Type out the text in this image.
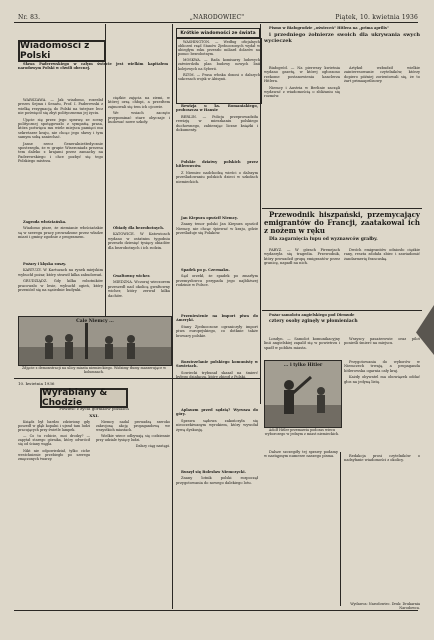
Nr. 83.	„NARODOWIEC"	Piątek, 10. kwietnia 1936
Wiadomości z Polski

Sława Paderewskiego w całym świecie jest wielkim kapitałem narodowym Polski w chwili obecnej.

WARSZAWA. — Jak wiadomo, rozesłał prezes Sejmu i Senatu, Prof. I. Paderewski z wielką rezygnacją do Polski na tutejsze lecz nie poświęcił się zbyt politycznemu jej życiu.

Ujęcie się przez jego sprawę ze sceny politycznej spotęgowało z sympatią prasa, która poświęca mu wiele miejsca pamięci mu sekretarze kraju, nie chcąc jego sławy i tym samym sobą zaniechać.

Jasne rzecz Generalnieśtedycznie spostrzegła, że w grupie Wiseroniadz prezesa tem daleko z krajami przez zamachy na Paderewskiego i chce pozbyć się tego Polskiego mistrza.

Zagroda włościańska.

Wiadomo pisze, że ziemianie włościańskie są w szeregu pracy prowadzone przez władze miast i gminy zgodnie z programem.

Pożary i klęska suszy.

KARTUZY. W Kartuzach na rynek miejskim wybuchł pożar, który strawił kilka zabudowań.

GRUDZIĄDZ. Gdy kilka robotników pracowało w lesie, wybuchł ogień, który przeniósł się na sąsiednie budynki.

ciężkie zajęcia na ziemi, w której orzą chłopi, a przedtem zajmowali się tem ich ojcowie.

We wsiach zaczęto przypominać stare obyczaje i budować nowe szkoły.

Obiady dla bezrobotnych.

KATOWICE. W Katowicach wydano w ostatnim tygodniu przeszło dziesięć tysięcy obiadów dla bezrobotnych i ich rodzin.

Gwałtowny wicher.

MIEDZNA. Wczoraj wieczorem przeszedł nad okolicą gwałtowny wicher, który zerwał kilka dachów.

Cale Niemcy ...
Zdjęcie z demonstracji na ulicy miasta niemieckiego. Widzimy tłumy maszerujące w kolumnach.
10. kwietnia 1936
Wyrabiany & Chodzie
Powieść z życia górników polskich
XXI.

Ksiądz był bardzo zdziwiony gdy poszedł w głąb kopalni i ujrzał tam ludzi pracujących przy świetle lampek.

— Co tu robicie, moi drodzy? — zapytał starego górnika, który odwrócił się od ściany węgla.

Nikt nie odpowiedział, tylko ciche westchnienie przebiegło po szeregu zmęczonych twarzy.

Niemcy nadal prowadzą szeroko zakrojoną akcję propagandową we wszystkich miastach.

Wielkie wiece odbywają się codziennie przy udziale tysięcy ludzi.

Dalszy ciąg nastąpi.

Krótkie wiadomości ze świata

WASHINGTON. — Według oficjalnych obliczeń rząd Stanów Zjednoczonych wydał w ubiegłym roku przeszło miliard dolarów na pomoc bezrobotnym.

MOSKWA. — Rada komisarzy ludowych zatwierdziła plan budowy nowych linii kolejowych na Syberii.

RZYM. — Prasa włoska donosi o dalszych sukcesach wojsk w Abisynii.

Rewizja u ks. Romaniakiego, proboszcza w Hansie

BERLIN. — Policja przeprowadziła rewizję w mieszkaniu polskiego duchownego, zabierając liczne książki i dokumenty.

Polskie dziatwy polskich przez hitlerowców.

Z Niemiec nadchodzą wieści o dalszym prześladowaniu polskich dzieci w szkołach niemieckich.

Jan Kiepura opuścił Niemcy.

Znany tenor polski Jan Kiepura opuścił Niemcy, nie chcąc śpiewać w kraju, gdzie prześladuje się Polaków.

Spadek po p. Czermaku.

Sąd orzekł, że spadek po zmarłym przemysłowcu przypada jego najbliższej rodzinie w Polsce.

Przeniesienie na Import piwa do Ameryki.

Stany Zjednoczone ograniczyły import piwa europejskiego, co dotknie także browary polskie.

Rozstrzelanie polskiego komunisty w Sowietach.

Sowiecki trybunał skazał na śmierć byłego działacza, który zbiegł z Polski.

Aplauzm przed sędzią? Wyrusza do góry.

Sprawa sądowa zakończyła się nieoczekiwanym wyrokiem, który wywołał żywą dyskusję.

Ruszył się Bolesław Niemczycki.

Znany lotnik polski rozpoczął przygotowania do nowego dalekiego lotu.

Pismo w Białogrodzie „oświeceń" Hitlera na „prima aprilis"

i przedniego żołnierze swoich dla ukrywania swych wycieczek

Białogród. — Na pierwszy kwietnia wydano gazetę, w której ogłoszono rzekome postanowienia kanclerza Hitlera.

Niemcy i Austria w Berlinie zaczęli wydawać z wiadomością o zbliżaniu się rozmów.

Artykuł wzbudził wielkie zainteresowanie czytelników, którzy dopiero później zorientowali się, że to żart primaaprilisowy.

Przewodnik hiszpański, przemycający emigrantów do Francji, zaatakowal ich z nożem w ręku

Dla zagarnięcia łupu od wyznawców grałby.

PARYŻ. — W górach Pirenejach wydarzyła się tragedia. Przewodnik, który prowadził grupę emigrantów przez granicę, napadł na nich.

Dwóch emigrantów odniosło ciężkie rany, reszta zdołała zbiec i zawiadomić żandarmerię francuską.

Pożar samolotu angielskiego pod Dirmude

cztery osoby zginęły w płomieniach

Londyn. — Samolot komunikacyjny linii angielskiej zapalił się w powietrzu i spadł w pobliżu miasta.

Wszyscy pasażerowie oraz pilot ponieśli śmierć na miejscu.

... i tylko Hitler
Adolf Hitler przemawia podczas wiecu wyborczego w jednym z miast niemieckich.

Przygotowania do wyborów w Niemczech trwają, a propaganda hitlerowska ogarnia cały kraj.

Każdy obywatel ma obowiązek oddać głos na jedyną listę.

Dalsze szczegóły tej sprawy podamy w następnym numerze naszego pisma.	Redakcja prosi czytelników o nadsyłanie wiadomości z okolicy.

Wydawca: Narodowiec. Druk: Drukarnia Narodowca.
